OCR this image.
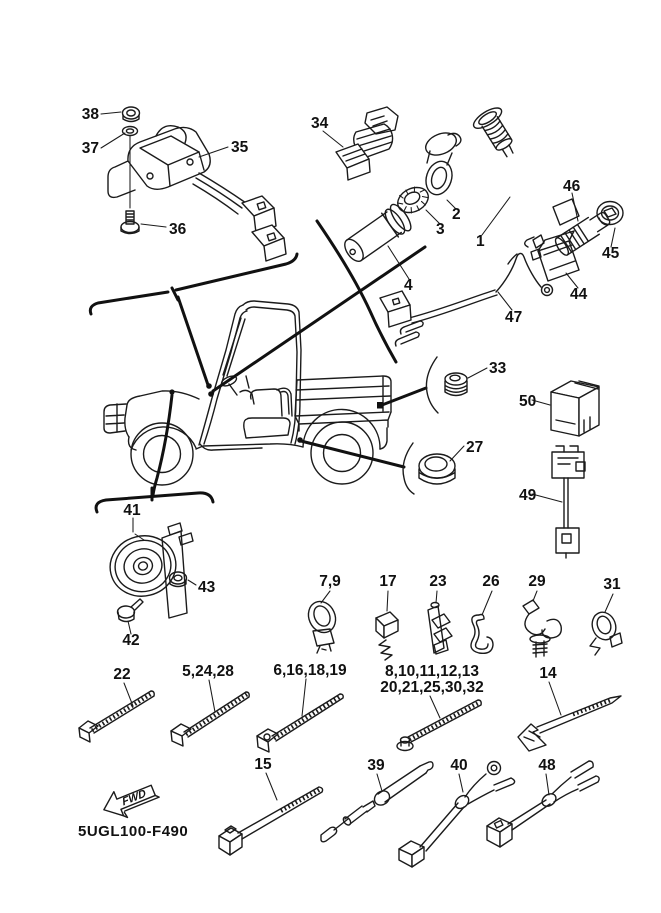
FWD
5UGL100-F490
38
37	35
36
34
2
3
1
4
46
45
44
47
33
50
27
49
41
43
42
7,9 17 23 26 29	31
22	5,24,28	6,16,18,19 8,10,11,12,13
20,21,25,30,32
14
15	39	40	48
